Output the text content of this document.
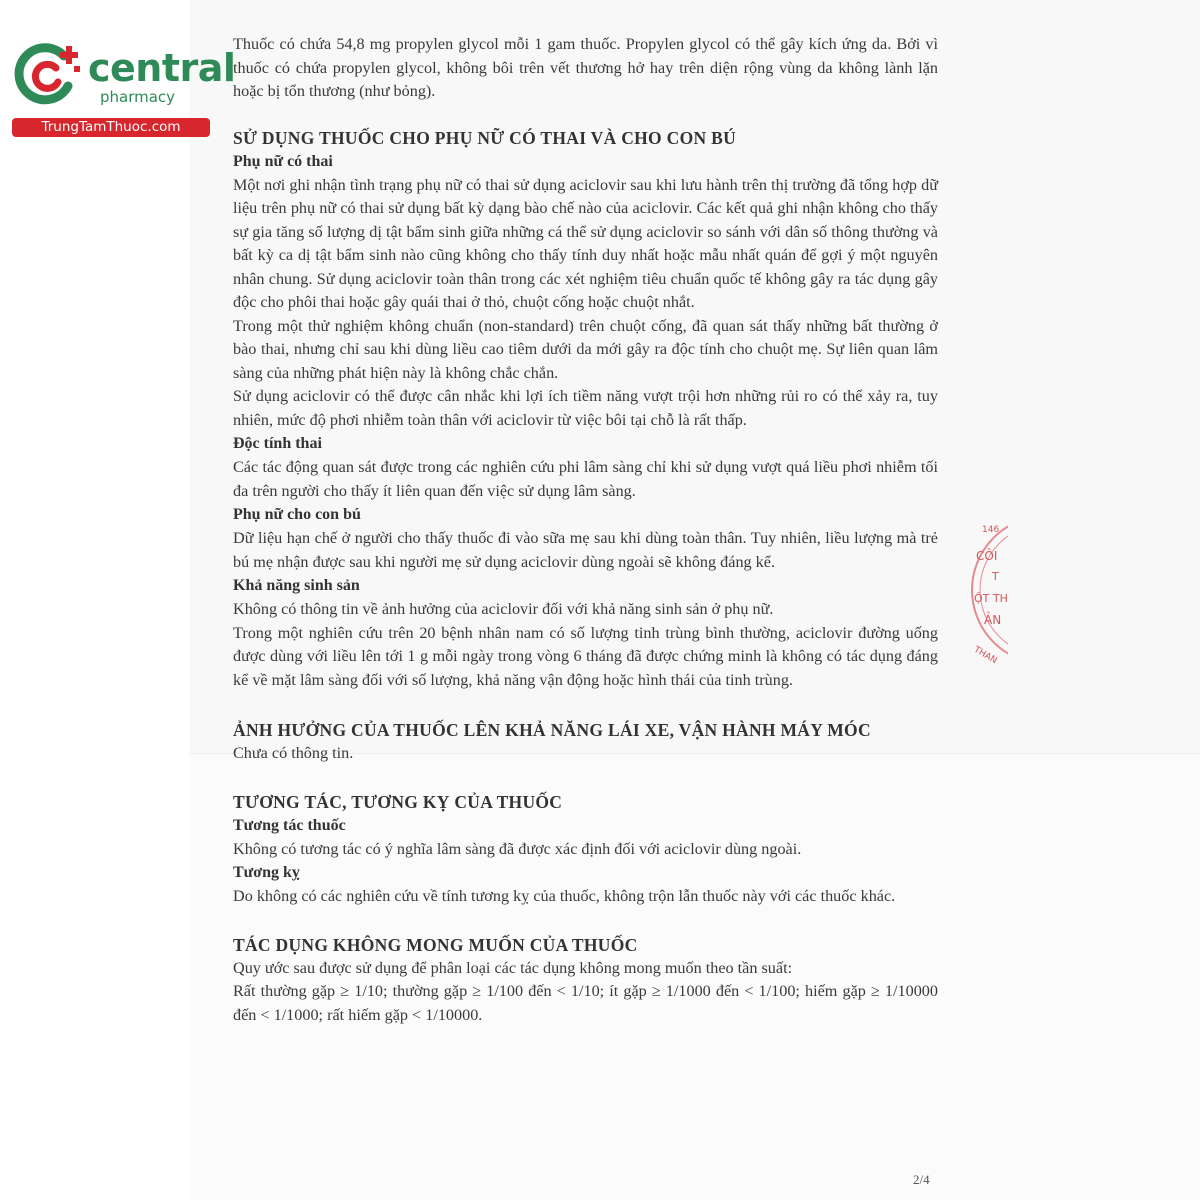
central
pharmacy
TrungTamThuoc.com

Thuốc có chứa 54,8 mg propylen glycol mỗi 1 gam thuốc. Propylen glycol có thể gây kích ứng da. Bởi vì thuốc có chứa propylen glycol, không bôi trên vết thương hở hay trên diện rộng vùng da không lành lặn hoặc bị tổn thương (như bỏng).

SỬ DỤNG THUỐC CHO PHỤ NỮ CÓ THAI VÀ CHO CON BÚ
Phụ nữ có thai

Một nơi ghi nhận tình trạng phụ nữ có thai sử dụng aciclovir sau khi lưu hành trên thị trường đã tổng hợp dữ liệu trên phụ nữ có thai sử dụng bất kỳ dạng bào chế nào của aciclovir. Các kết quả ghi nhận không cho thấy sự gia tăng số lượng dị tật bẩm sinh giữa những cá thể sử dụng aciclovir so sánh với dân số thông thường và bất kỳ ca dị tật bẩm sinh nào cũng không cho thấy tính duy nhất hoặc mẫu nhất quán để gợi ý một nguyên nhân chung. Sử dụng aciclovir toàn thân trong các xét nghiệm tiêu chuẩn quốc tế không gây ra tác dụng gây độc cho phôi thai hoặc gây quái thai ở thỏ, chuột cống hoặc chuột nhắt.

Trong một thử nghiệm không chuẩn (non-standard) trên chuột cống, đã quan sát thấy những bất thường ở bào thai, nhưng chỉ sau khi dùng liều cao tiêm dưới da mới gây ra độc tính cho chuột mẹ. Sự liên quan lâm sàng của những phát hiện này là không chắc chắn.

Sử dụng aciclovir có thể được cân nhắc khi lợi ích tiềm năng vượt trội hơn những rủi ro có thể xảy ra, tuy nhiên, mức độ phơi nhiễm toàn thân với aciclovir từ việc bôi tại chỗ là rất thấp.

Độc tính thai

Các tác động quan sát được trong các nghiên cứu phi lâm sàng chỉ khi sử dụng vượt quá liều phơi nhiễm tối đa trên người cho thấy ít liên quan đến việc sử dụng lâm sàng.

Phụ nữ cho con bú

Dữ liệu hạn chế ở người cho thấy thuốc đi vào sữa mẹ sau khi dùng toàn thân. Tuy nhiên, liều lượng mà trẻ bú mẹ nhận được sau khi người mẹ sử dụng aciclovir dùng ngoài sẽ không đáng kể.

Khả năng sinh sản

Không có thông tin về ảnh hưởng của aciclovir đối với khả năng sinh sản ở phụ nữ.

Trong một nghiên cứu trên 20 bệnh nhân nam có số lượng tinh trùng bình thường, aciclovir đường uống được dùng với liều lên tới 1 g mỗi ngày trong vòng 6 tháng đã được chứng minh là không có tác dụng đáng kể về mặt lâm sàng đối với số lượng, khả năng vận động hoặc hình thái của tinh trùng.

ẢNH HƯỞNG CỦA THUỐC LÊN KHẢ NĂNG LÁI XE, VẬN HÀNH MÁY MÓC

Chưa có thông tin.

TƯƠNG TÁC, TƯƠNG KỴ CỦA THUỐC
Tương tác thuốc

Không có tương tác có ý nghĩa lâm sàng đã được xác định đối với aciclovir dùng ngoài.

Tương kỵ

Do không có các nghiên cứu về tính tương kỵ của thuốc, không trộn lẫn thuốc này với các thuốc khác.

TÁC DỤNG KHÔNG MONG MUỐN CỦA THUỐC

Quy ước sau được sử dụng để phân loại các tác dụng không mong muốn theo tần suất:

Rất thường gặp ≥ 1/10; thường gặp ≥ 1/100 đến < 1/10; ít gặp ≥ 1/1000 đến < 1/100; hiếm gặp ≥ 1/10000 đến < 1/1000; rất hiếm gặp < 1/10000.

146
CÔI
T
ỘT TH
ẢN
THAN
2/4
